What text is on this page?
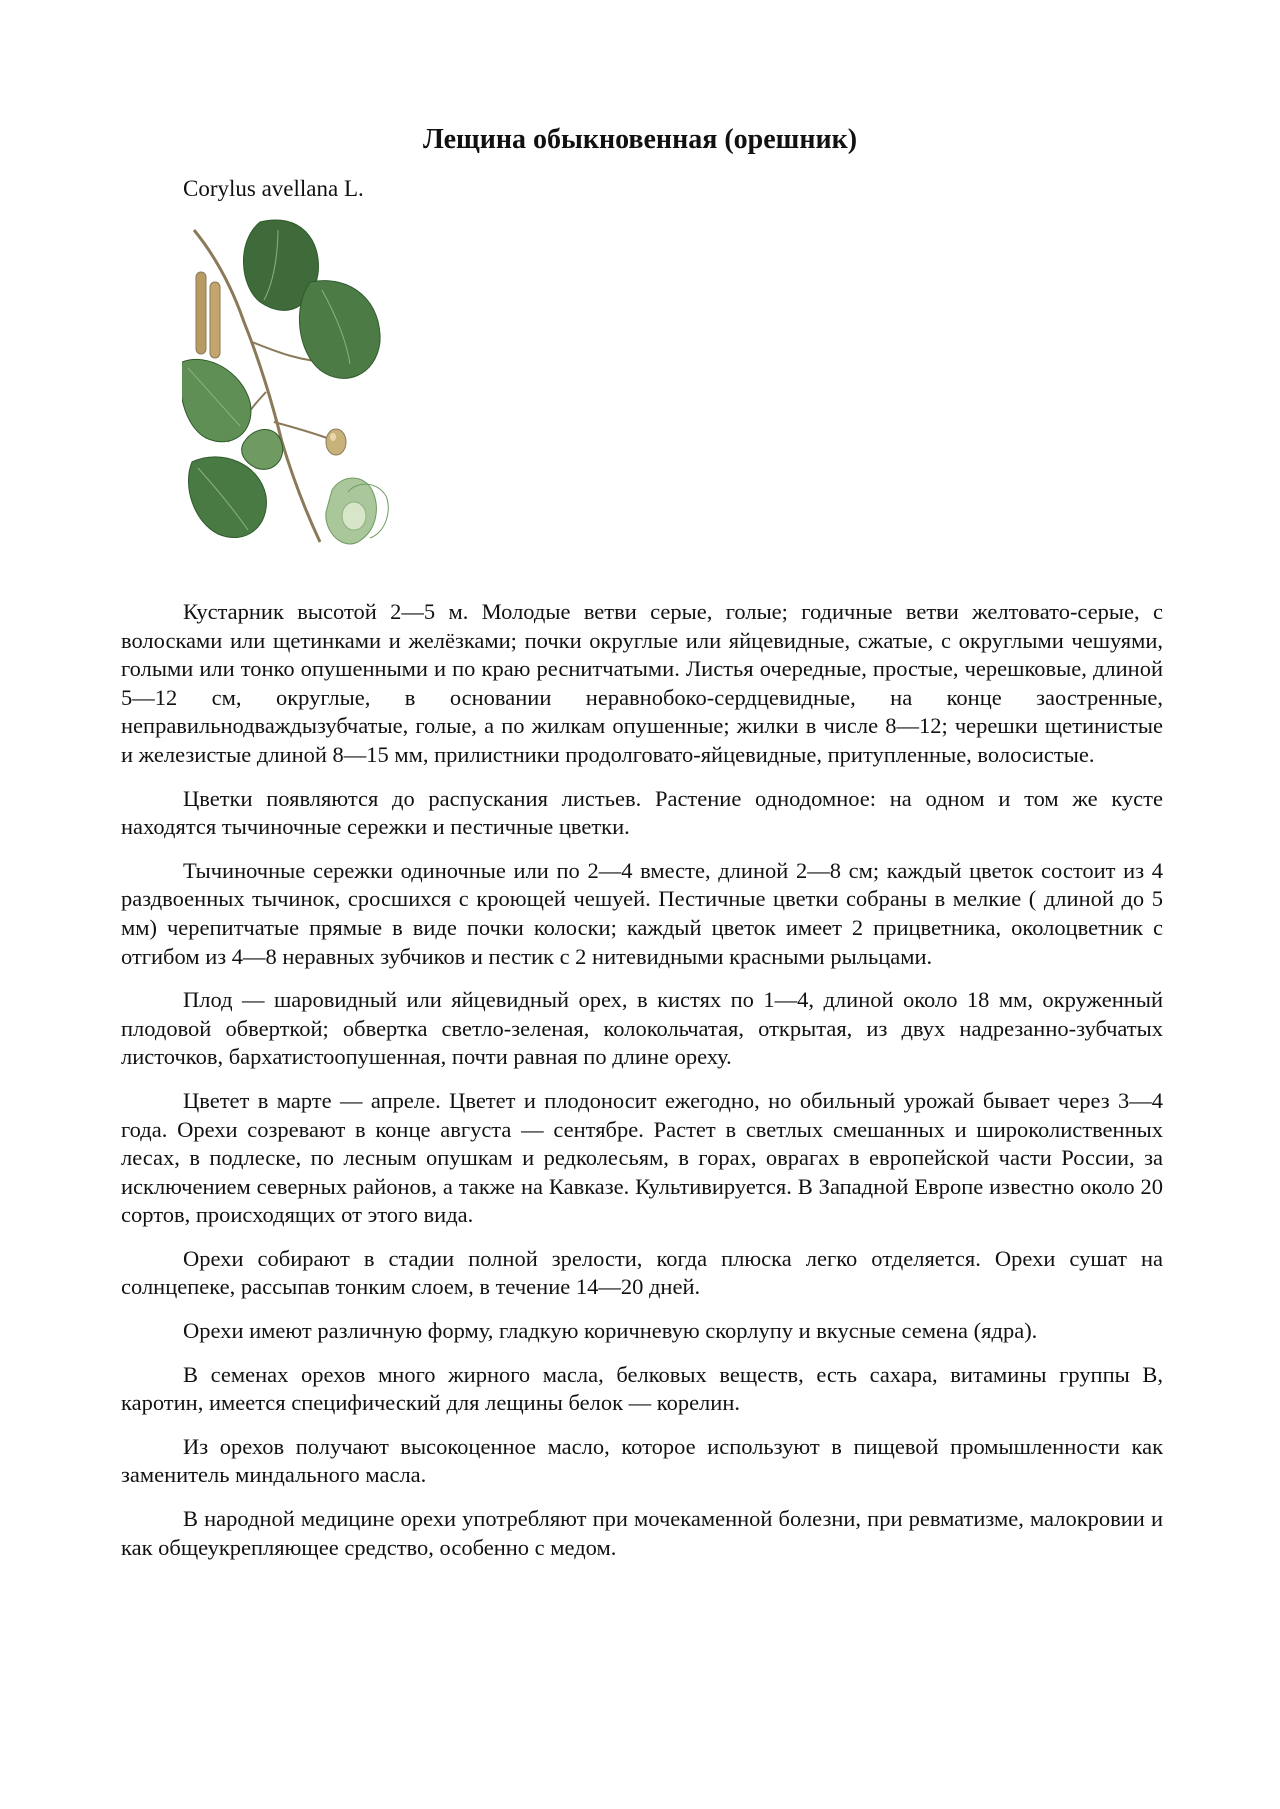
Лещина обыкновенная (орешник)

Corylus avellana L.

Кустарник высотой 2—5 м. Молодые ветви серые, голые; годичные ветви желтовато-серые, с волосками или щетинками и желёзками; почки округлые или яйцевидные, сжатые, с округлыми чешуями, голыми или тонко опушенными и по краю реснитчатыми. Листья очередные, простые, черешковые, длиной 5—12 см, округлые, в основании неравнобоко-сердцевидные, на конце заостренные, неправильнодваждызубчатые, голые, а по жилкам опушенные; жилки в числе 8—12; черешки щетинистые и железистые длиной 8—15 мм, прилистники продолговато-яйцевидные, притупленные, волосистые.

Цветки появляются до распускания листьев. Растение однодомное: на одном и том же кусте находятся тычиночные сережки и пестичные цветки.

Тычиночные сережки одиночные или по 2—4 вместе, длиной 2—8 см; каждый цветок состоит из 4 раздвоенных тычинок, сросшихся с кроющей чешуей. Пестичные цветки собраны в мелкие ( длиной до 5 мм) черепитчатые прямые в виде почки колоски; каждый цветок имеет 2 прицветника, околоцветник с отгибом из 4—8 неравных зубчиков и пестик с 2 нитевидными красными рыльцами.

Плод — шаровидный или яйцевидный орех, в кистях по 1—4, длиной около 18 мм, окруженный плодовой обверткой; обвертка светло-зеленая, колокольчатая, открытая, из двух надрезанно-зубчатых листочков, бархатистоопушенная, почти равная по длине ореху.

Цветет в марте — апреле. Цветет и плодоносит ежегодно, но обильный урожай бывает через 3—4 года. Орехи созревают в конце августа — сентябре. Растет в светлых смешанных и широколиственных лесах, в подлеске, по лесным опушкам и редколесьям, в горах, оврагах в европейской части России, за исключением северных районов, а также на Кавказе. Культивируется. В Западной Европе известно около 20 сортов, происходящих от этого вида.

Орехи собирают в стадии полной зрелости, когда плюска легко отделяется. Орехи сушат на солнцепеке, рассыпав тонким слоем, в течение 14—20 дней.

Орехи имеют различную форму, гладкую коричневую скорлупу и вкусные семена (ядра).

В семенах орехов много жирного масла, белковых веществ, есть сахара, витамины группы В, каротин, имеется специфический для лещины белок — корелин.

Из орехов получают высокоценное масло, которое используют в пищевой промышленности как заменитель миндального масла.

В народной медицине орехи употребляют при мочекаменной болезни, при ревматизме, малокровии и как общеукрепляющее средство, особенно с медом.
